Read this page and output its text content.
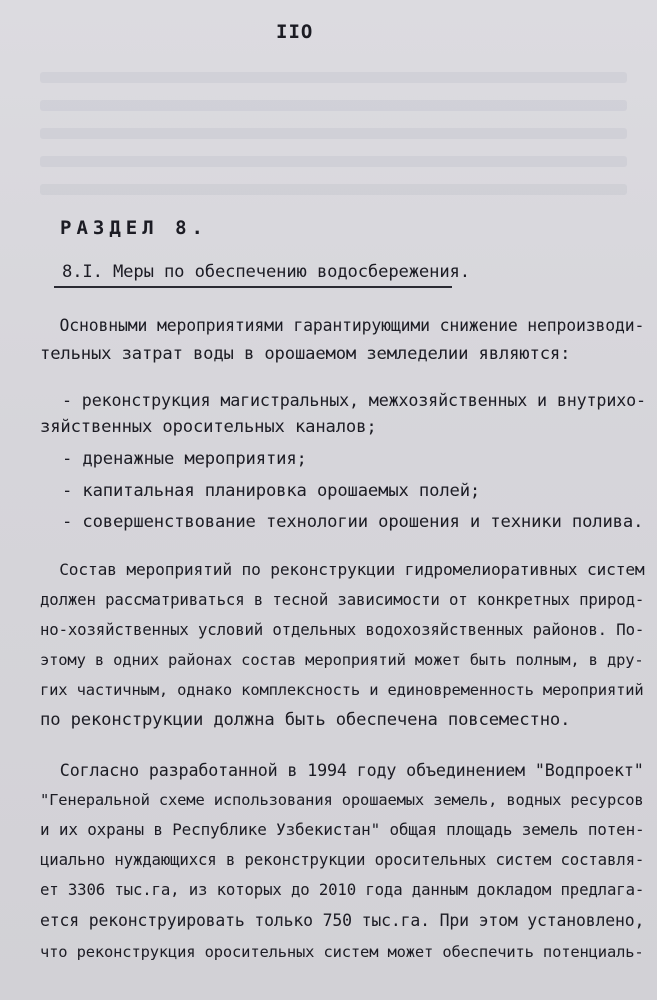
IIO
РАЗДЕЛ 8.
8.I. Меры по обеспечению водосбережения.
Основными мероприятиями гарантирующими снижение непроизводи-
тельных затрат воды в орошаемом земледелии являются:
- реконструкция магистральных, межхозяйственных и внутрихо-
зяйственных оросительных каналов;
- дренажные мероприятия;
- капитальная планировка орошаемых полей;
- совершенствование технологии орошения и техники полива.
Состав мероприятий по реконструкции гидромелиоративных систем
должен рассматриваться в тесной зависимости от конкретных природ-
но-хозяйственных условий отдельных водохозяйственных районов. По-
этому в одних районах состав мероприятий может быть полным, в дру-
гих частичным, однако комплексность и единовременность мероприятий
по реконструкции должна быть обеспечена повсеместно.
Согласно разработанной в 1994 году объединением "Водпроект"
"Генеральной схеме использования орошаемых земель, водных ресурсов
и их охраны в Республике Узбекистан" общая площадь земель потен-
циально нуждающихся в реконструкции оросительных систем составля-
ет 3306 тыс.га, из которых до 2010 года данным докладом предлага-
ется реконструировать только 750 тыс.га. При этом установлено,
что реконструкция оросительных систем может обеспечить потенциаль-
